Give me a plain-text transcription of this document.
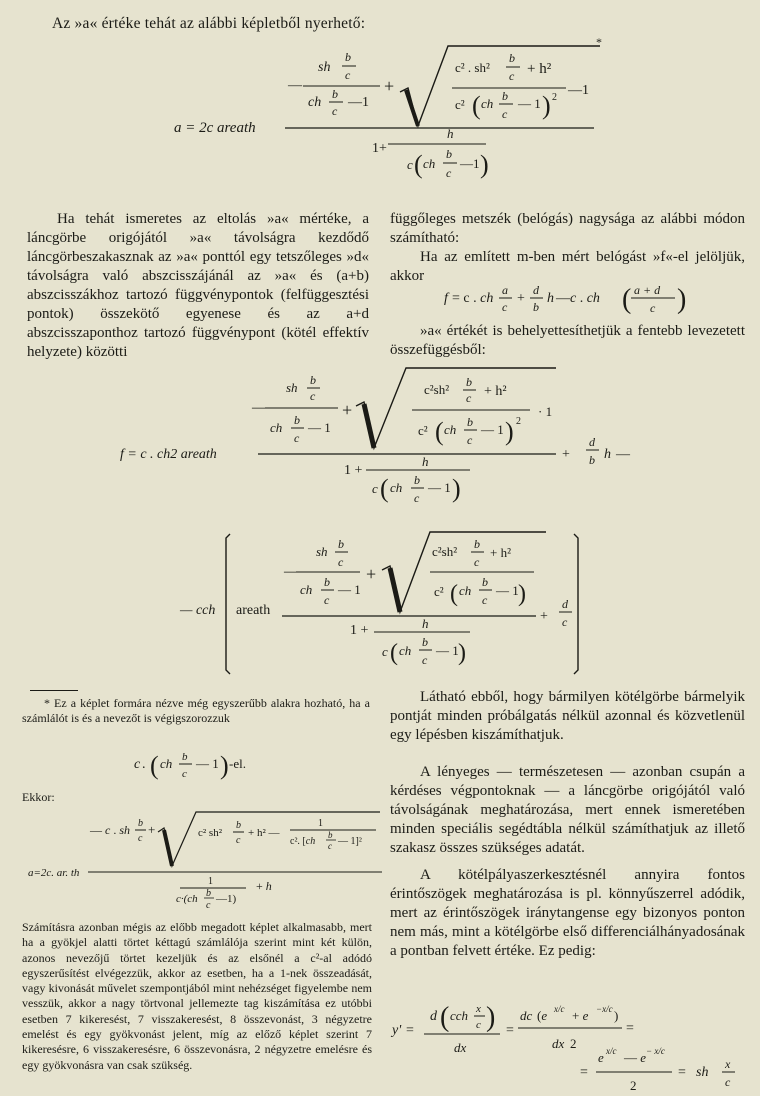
Az »a« értéke tehát az alábbi képletből nyerhető:
*
sh
b
c
—
ch
b
c
—1
+
c² . sh²
b
c + h²
c² ( ch b
c
— 1 ) 2 —1
a = 2c areath
1+
h
c ( ch
b
c
—1 )
Ha tehát ismeretes az eltolás »a« mértéke, a láncgörbe origójától »a« távolságra kezdődő láncgörbeszakasznak az »a« ponttól egy tetszőleges »d« távolságra való abszcisszájánál az »a« és (a+b) abszcisszákhoz tartozó függvénypontok (felfüggesztési pontok) összekötő egyenese és az a+d abszcisszaponthoz tartozó függvénypont (kötél effektív helyzete) közötti
függőleges metszék (belógás) nagysága az alábbi módon számítható:
Ha az említett m-ben mért belógást »f«-el jelöljük, akkor
f = c . ch
a
c
+
d
b
h —c . ch ( a + d
c )
»a« értékét is behelyettesíthetjük a fentebb levezetett összefüggésből:
sh b
c
—
ch b
c
— 1
+
c²sh² b
c + h²
c² ( ch b
c
— 1 ) 2
· 1
f = c . ch2 areath	+
d
b h —
1 +
h
c ( ch b
c
— 1 )
— cch areath
sh b
c
—
ch b
c
— 1
+
c²sh² b
c
+ h²
c² ( ch
b
c
— 1 )
+
d
c
1 +	h
c ( ch
b
c
— 1 )
* Ez a képlet formára nézve még egyszerűbb alakra hozható, ha a számlálót is és a nevezőt is végigszorozzuk
c . ( ch b
c
— 1 ) -el.
Ekkor:
— c . sh b
c
+	c² sh²
b
c
+ h² —
1
c². [ch
b
c — 1]²
a=2c. ar. th
1
c·(ch b
c
—1)
+ h
Számításra azonban mégis az előbb megadott képlet alkalmasabb, mert ha a gyökjel alatti törtet kéttagú számlálója szerint mint két külön, azonos nevezőjű törtet kezeljük és az elsőnél a c²-al adódó egyszerűsítést elvégezzük, akkor az esetben, ha a 1-nek összeadását, vagy kivonását művelet szempontjából mint nehézséget figyelembe nem vesszük, akkor a nagy törtvonal jellemezte tag kiszámítása ez utóbbi esetben 7 kikeresést, 7 visszakeresést, 8 összevonást, 3 négyzetre emelést és egy gyökvonást jelent, míg az előző képlet szerint 7 kikeresésre, 6 visszakeresésre, 6 összevonásra, 2 négyzetre emelésre és egy gyökvonásra van csak szükség.
Látható ebből, hogy bármilyen kötélgörbe bármelyik pontját minden próbálgatás nélkül azonnal és közvetlenül egy lépésben kiszámíthatjuk.
A lényeges — természetesen — azonban csupán a kérdéses végpontoknak — a láncgörbe origójától való távolságának meghatározása, mert ennek ismeretében minden speciális segédtábla nélkül számíthatjuk az illető szakasz összes szükséges adatát.
A kötélpályaszerkesztésnél annyira fontos érintőszögek meghatározása is pl. könnyűszerrel adódik, mert az érintőszögek iránytangense egy bizonyos ponton nem más, mint a kötélgörbe első differenciálhányadosának a pontban felvett értéke. Ez pedig:
y' =
d ( cch x
c )
dx
=
dc (e x/c + e −x/c )
dx 2
=
e x/c — e − x/c
=
2
= sh
x
c
